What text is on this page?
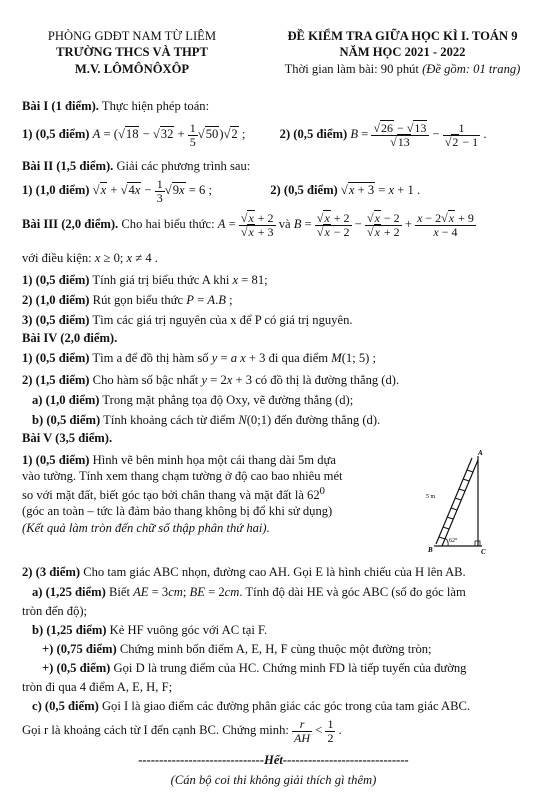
PHÒNG GDĐT NAM TỪ LIÊM
TRƯỜNG THCS VÀ THPT
M.V. LÔMÔNÔXÔP
ĐỀ KIỂM TRA GIỮA HỌC KÌ I. TOÁN 9
NĂM HỌC 2021 - 2022
Thời gian làm bài: 90 phút (Đề gồm: 01 trang)
Bài I (1 điểm). Thực hiện phép toán:
1) (0,5 điểm) $A = (√18 - √32 + \frac{1}{5} √50)√2$ ;  2) (0,5 điểm) $B = \frac{√26 - √13}{√13} - \frac{1}{√2 - 1}$ .
Bài II (1,5 điểm). Giải các phương trình sau:
1) (1,0 điểm) $√x + √4x - \frac{1}{3} √9x = 6$ ;	2) (0,5 điểm) √x + 3 = x + 1 .
Bài III (2,0 điểm). Cho hai biểu thức: $A = \frac{√x + 2}{√x + 3}$ và $B = \frac{√x + 2}{√x - 2} - \frac{√x - 2}{√x + 2} + \frac{x - 2√x + 9}{x - 4}$
với điều kiện: x ≥ 0; x ≠ 4 .
1) (0,5 điểm) Tính giá trị biểu thức A khi x = 81;
2) (1,0 điểm) Rút gọn biểu thức P = A.B ;
3) (0,5 điểm) Tìm các giá trị nguyên của x để P có giá trị nguyên.
Bài IV (2,0 điểm).
1) (0,5 điểm) Tìm a để đồ thị hàm số y = a x + 3 đi qua điểm M(1; 5) ;
2) (1,5 điểm) Cho hàm số bậc nhất y = 2x + 3 có đồ thị là đường thẳng (d).
a) (1,0 điểm) Trong mặt phẳng tọa độ Oxy, vẽ đường thẳng (d);
b) (0,5 điểm) Tính khoảng cách từ điểm N(0;1) đến đường thẳng (d).
Bài V (3,5 điểm).
1) (0,5 điểm) Hình vẽ bên minh họa một cái thang dài 5m dựa
vào tường. Tính xem thang chạm tường ở độ cao bao nhiêu mét
so với mặt đất, biết góc tạo bởi chân thang và mặt đất là $62^0$
(góc an toàn – tức là đảm bảo thang không bị đổ khi sử dụng)
(Kết quả làm tròn đến chữ số thập phân thứ hai).
A
B	C
5 m
62°
2) (3 điểm) Cho tam giác ABC nhọn, đường cao AH. Gọi E là hình chiếu của H lên AB.
a) (1,25 điểm) Biết AE = 3cm; BE = 2cm. Tính độ dài HE và góc ABC (số đo góc làm
tròn đến độ);
b) (1,25 điểm) Kẻ HF vuông góc với AC tại F.
+) (0,75 điểm) Chứng minh bốn điểm A, E, H, F cùng thuộc một đường tròn;
+) (0,5 điểm) Gọi D là trung điểm của HC. Chứng minh FD là tiếp tuyến của đường
tròn đi qua 4 điểm A, E, H, F;
c) (0,5 điểm) Gọi I là giao điểm các đường phân giác các góc trong của tam giác ABC.
Gọi r là khoảng cách từ I đến cạnh BC. Chứng minh: $\frac{r}{AH} < \frac{1}{2}$ .
------------------------------Hết------------------------------
(Cán bộ coi thi không giải thích gì thêm)
